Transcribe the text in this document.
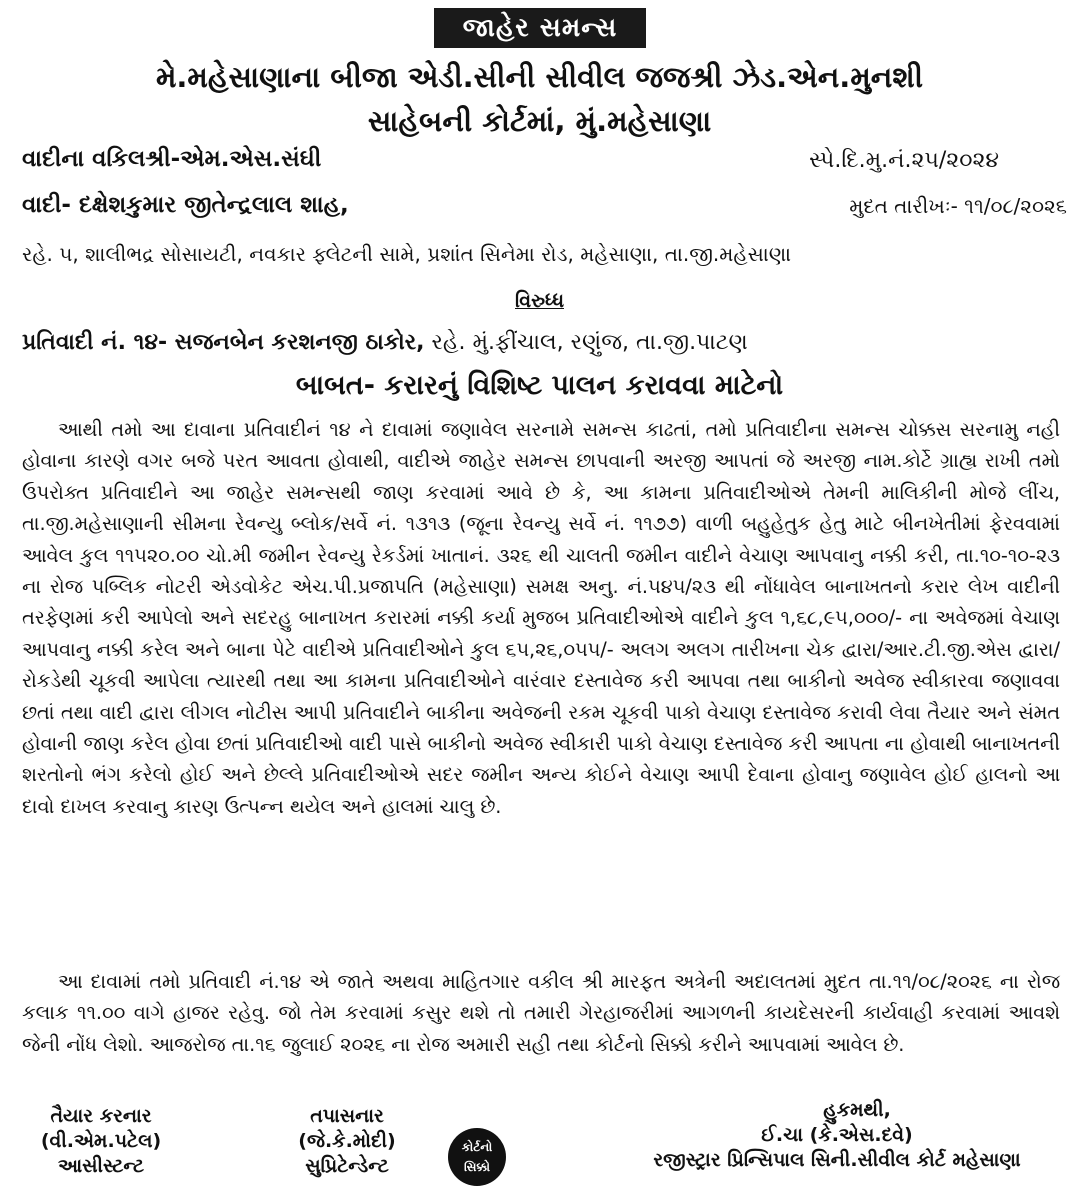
જાહેર સમન્સ
મે.મહેસાણાના બીજા એડી.સીની સીવીલ જજશ્રી ઝેડ.એન.મુનશી
સાહેબની કોર્ટમાં, મું.મહેસાણા
વાદીના વકિલશ્રી-એમ.એસ.સંઘી	સ્પે.દિ.મુ.નં.૨૫/૨૦૨૪
વાદી- દક્ષેશકુમાર જીતેન્દ્રલાલ શાહ,	મુદત તારીખઃ- ૧૧/૦૮/૨૦૨૬
રહે. ૫, શાલીભદ્ર સોસાયટી, નવકાર ફ્લેટની સામે, પ્રશાંત સિનેમા રોડ, મહેસાણા, તા.જી.મહેસાણા
વિરુધ્ધ
પ્રતિવાદી નં. ૧૪- સજનબેન કરશનજી ઠાકોર, રહે. મું.ફીંચાલ, રણુંજ, તા.જી.પાટણ
બાબત- કરારનું વિશિષ્ટ પાલન કરાવવા માટેનો

આથી તમો આ દાવાના પ્રતિવાદીનં ૧૪ ને દાવામાં જણાવેલ સરનામે સમન્સ કાઢતાં, તમો પ્રતિવાદીના સમન્સ ચોક્કસ સરનામુ નહી હોવાના કારણે વગર બજે પરત આવતા હોવાથી, વાદીએ જાહેર સમન્સ છાપવાની અરજી આપતાં જે અરજી નામ.કોર્ટે ગ્રાહ્ય રાખી તમો ઉપરોક્ત પ્રતિવાદીને આ જાહેર સમન્સથી જાણ કરવામાં આવે છે કે, આ કામના પ્રતિવાદીઓએ તેમની માલિકીની મોજે લીંચ, તા.જી.મહેસાણાની સીમના રેવન્યુ બ્લોક/સર્વે નં. ૧૩૧૩ (જૂના રેવન્યુ સર્વે નં. ૧૧૭૭) વાળી બહુહેતુક હેતુ માટે બીનખેતીમાં ફેરવવામાં આવેલ કુલ ૧૧૫૨૦.૦૦ ચો.મી જમીન રેવન્યુ રેકર્ડમાં ખાતાનં. ૩૨૬ થી ચાલતી જમીન વાદીને વેચાણ આપવાનુ નક્કી કરી, તા.૧૦-૧૦-૨૩ ના રોજ પબ્લિક નોટરી એડવોકેટ એચ.પી.પ્રજાપતિ (મહેસાણા) સમક્ષ અનુ. નં.૫૪૫/૨૩ થી નોંધાવેલ બાનાખતનો કરાર લેખ વાદીની તરફેણમાં કરી આપેલો અને સદરહુ બાનાખત કરારમાં નક્કી કર્યા મુજબ પ્રતિવાદીઓએ વાદીને કુલ ૧,૬૮,૯૫,૦૦૦/- ના અવેજમાં વેચાણ આપવાનુ નક્કી કરેલ અને બાના પેટે વાદીએ પ્રતિવાદીઓને કુલ ૬૫,૨૬,૦૫૫/- અલગ અલગ તારીખના ચેક દ્વારા/આર.ટી.જી.એસ દ્વારા/રોકડેથી ચૂકવી આપેલા ત્યારથી તથા આ કામના પ્રતિવાદીઓને વારંવાર દસ્તાવેજ કરી આપવા તથા બાકીનો અવેજ સ્વીકારવા જણાવવા છતાં તથા વાદી દ્વારા લીગલ નોટીસ આપી પ્રતિવાદીને બાકીના અવેજની રકમ ચૂકવી પાકો વેચાણ દસ્તાવેજ કરાવી લેવા તૈયાર અને સંમત હોવાની જાણ કરેલ હોવા છતાં પ્રતિવાદીઓ વાદી પાસે બાકીનો અવેજ સ્વીકારી પાકો વેચાણ દસ્તાવેજ કરી આપતા ના હોવાથી બાનાખતની શરતોનો ભંગ કરેલો હોઈ અને છેલ્લે પ્રતિવાદીઓએ સદર જમીન અન્ય કોઈને વેચાણ આપી દેવાના હોવાનુ જણાવેલ હોઈ હાલનો આ દાવો દાખલ કરવાનુ કારણ ઉત્પન્ન થયેલ અને હાલમાં ચાલુ છે.

આ દાવામાં તમો પ્રતિવાદી નં.૧૪ એ જાતે અથવા માહિતગાર વકીલ શ્રી મારફત અત્રેની અદાલતમાં મુદત તા.૧૧/૦૮/૨૦૨૬ ના રોજ કલાક ૧૧.૦૦ વાગે હાજર રહેવુ. જો તેમ કરવામાં કસુર થશે તો તમારી ગેરહાજરીમાં આગળની કાયદેસરની કાર્યવાહી કરવામાં આવશે જેની નોંધ લેશો. આજરોજ તા.૧૬ જુલાઈ ૨૦૨૬ ના રોજ અમારી સહી તથા કોર્ટનો સિક્કો કરીને આપવામાં આવેલ છે.

તૈયાર કરનાર
(વી.એમ.પટેલ)
આસીસ્ટન્ટ
તપાસનાર
(જે.કે.મોદી)
સુપ્રિટેન્ડેન્ટ
કોર્ટનો
સિક્કો
હુકમથી,
ઈ.ચા (કે.એસ.દવે)
રજીસ્ટ્રાર પ્રિન્સિપાલ સિની.સીવીલ કોર્ટ મહેસાણા
